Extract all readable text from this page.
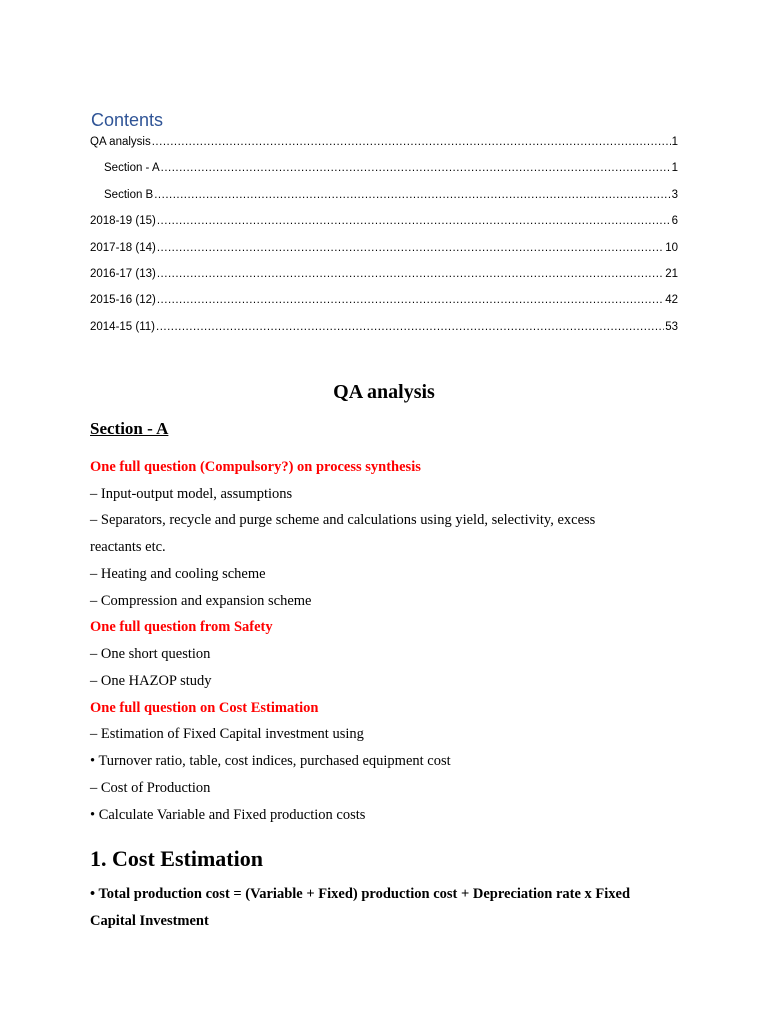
Contents
QA analysis .....	1
Section - A .....	1
Section B .....	3
2018-19 (15) .....	6
2017-18 (14) .....	10
2016-17 (13) .....	21
2015-16 (12) .....	42
2014-15 (11) .....	53
QA analysis
Section - A
One full question (Compulsory?) on process synthesis
– Input-output model, assumptions
– Separators, recycle and purge scheme and calculations using yield, selectivity, excess
reactants etc.
– Heating and cooling scheme
– Compression and expansion scheme
One full question from Safety
– One short question
– One HAZOP study
One full question on Cost Estimation
– Estimation of Fixed Capital investment using
• Turnover ratio, table, cost indices, purchased equipment cost
– Cost of Production
• Calculate Variable and Fixed production costs
1. Cost Estimation
• Total production cost = (Variable + Fixed) production cost + Depreciation rate x Fixed
Capital Investment
